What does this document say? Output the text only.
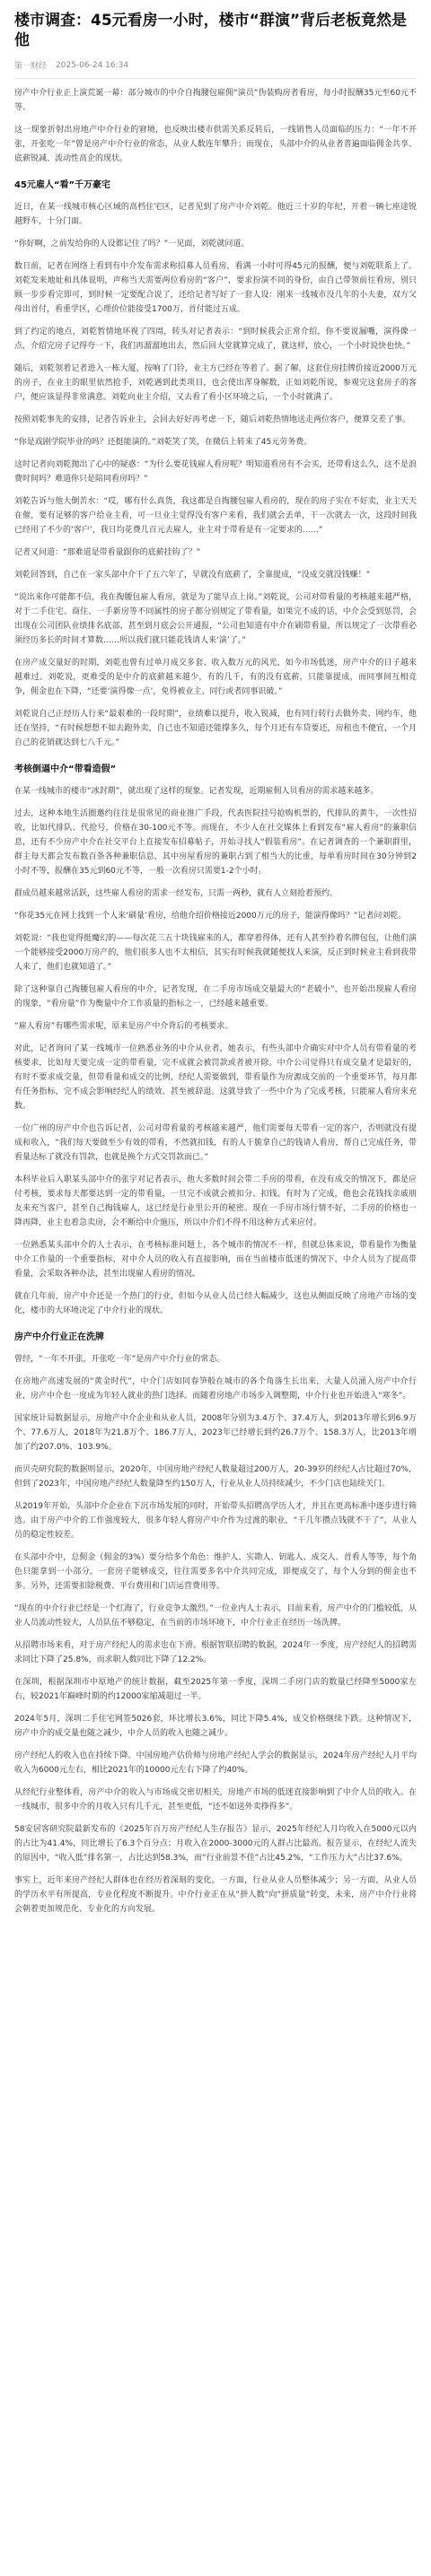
楼市调查：45元看房一小时，楼市“群演”背后老板竟然是他
第一财经 2025-06-24 16:34

房产中介行业正上演荒诞一幕：部分城市的中介自掏腰包雇佣“演员”伪装购房者看房，每小时报酬35元至60元不等。

这一现象折射出房地产中介行业的窘境，也反映出楼市供需关系反转后，一线销售人员面临的压力：“一年不开张，开张吃一年”曾是房产中介行业的常态，从业人数连年攀升；而现在，头部中介的从业者普遍面临佣金共享、底薪锐减、流动性高企的现状。

45元雇人“看”千万豪宅

近日，在某一线城市核心区域的高档住宅区，记者见到了房产中介刘乾。他近三十岁的年纪，开着一辆七座途锐越野车，十分门面。

“你好啊，之前发给你的人设都记住了吗？”一见面，刘乾就问道。

数日前，记者在网络上看到有中介发布需求称招募人员看房，看满一小时可得45元的报酬，便与刘乾联系上了。刘乾发来地址和具体说明，声称当天需要两位看房的“客户”，要求扮演不同的身份，由自己带领前往看房，别只顾一步步看完即可，到时候一定要配合说了，还给记者写好了一套人设：刚来一线城市没几年的小夫妻，双方父母出首付，看重学区，心理价位能接受1700万，首付能过五成。

到了约定的地点，刘乾暂情地环视了四周，转头对记者表示：“到时候我会正常介绍，你不要说漏嘴，演得像一点，介绍完房子记得夸一下，我们再溜溜地出去，然后回大堂就算完成了，就这样，放心，一个小时说快也快。”

随后，刘乾领着记者进入一栋大厦，按响了门铃，业主方已经在等着了。据了解，这套住房挂牌价接近2000万元的房子，在业主的眼里依然抢手，刘乾遇到此类项目，也会使出浑身解数，正如刘乾所说，参观完这套房子的客户，便应该显得非常满意。刘乾向业主介绍，又去看了看小区环境之后，一个小时就满了。

按照刘乾事先的安排，记者告诉业主，会回去好好再考虑一下，随后刘乾热情地送走两位客户，便算交差了事。

“你是戏剧学院毕业的吗？还挺能演的。”刘乾笑了笑，在微信上转来了45元劳务费。

这时记者向刘乾抛出了心中的疑惑：“为什么要花钱雇人看房呢？明知道看房有不会买，还带看这么久，这不是浪费时间吗？难道你只是陪同看房吗？”

刘乾告诉与他大倒苦水：“哎，哪有什么真货，我这都是自掏腰包雇人看房的，现在的房子实在不好卖，业主天天在催，要有足够的客户给业主看，可一旦业主觉得没有客户来看，我们就会丢单，干一次就去一次，这段时间我已经用了不少的‘客户’，我日均花费几百元去雇人，业主对于带看是有一定要求的……”

记者又问道：“那难道是带看量跟你的底薪挂钩了？”

刘乾回答到，自己在一家头部中介干了五六年了，早就没有底薪了，全靠提成，“没成交就没钱赚！”

“说出来你可能都不信，我在掏腰包雇人看房，就是为了能早点上岗。”刘乾说，公司对带看量的考核越来越严格，对于二手住宅、商住、一手新房等不同属性的房子都分别规定了带看量，如果完不成的话，中介会受到惩罚，会出现在公司团队业绩排名底部，甚至到月底会公开通报，“公司也知道有中介在刷带看量，所以规定了一次带看必须经历多长的时间才算数……所以我们就只能花钱请人来‘演’了。”

在房产成交量好的时期，刘乾也曾有过单月成交多套、收入数万元的风光，如今市场低迷，房产中介的日子越来越难过。刘乾说，更难受的是中介的底薪越来越少，有的几千，有的没有底薪，只能靠提成，而同事间互相竞争，佣金也在下降，“还要‘演得像一点’，免得被业主、同行或者同事识破。”

刘乾说自己正经历人行来“最艰难的一段时期”，业绩难以提升，收入锐减，也有同行转行去做外卖、网约车，他还在坚持，“有时候想想不如去跑外卖，自己也不知道还能撑多久，每个月还有车贷要还，房租也不便宜，一个月自己的花销就达到七八千元。”

考核倒逼中介“带看造假”

在某一线城市的楼市“冰封期”，就出现了这样的现象。记者发现，近期雇佣人员看房的需求越来越多。

过去，这种本地生活圈邀约往往是很常见的商业推广手段，代表医院挂号抢购机票的，代排队的黄牛，一次性招收，比如代排队、代抢号，价格在30-100元不等。而现在，不少人在社交媒体上看到发布“雇人看房”的兼职信息，还有不少房产中介在社交平台上直接发布招募帖子，开始寻找人“假装看房”。在记者调查的一个兼职群里，群主每天都会发布数百条各种兼职信息，其中房屋看房的兼职占到了相当大的比重，每单看房时间在30分钟到2小时不等，报酬在35元到60元不等，一般一次看房只需要1-2个小时。

群成员越来越常活跃，这些雇人看房的需求一经发布，只需一两秒，就有人立刻抢着预约。

“你花35元在网上找到一个人来‘刷量’看房，给他介绍价格接近2000万元的房子，能演得像吗？”记者问刘乾。

刘乾说：“我也觉得挺魔幻的——每次花三五十块钱雇来的人，都穿着得体，还有人甚至拎着名牌包包，让他们演一个能够接受2000万房产的，他们很多人也不太相信，其实有时候我就随便找人来演，反正到时候业主看到我带人来了，他们也就知道了。”

除了这种靠自己掏腰包雇人看房的中介，记者发现，在二手房市场成交量最大的“老破小”，也开始出现雇人看房的现象，“看房量”作为衡量中介工作质量的指标之一，已经越来越重要。

“雇人看房”有哪些需求呢，原来是房产中介背后的考核要求。

对此，记者询问了某一线城市一位熟悉业务的中介从业者，她表示，有些头部中介确实对中介人员有带看量的考核要求，比如每天要完成一定的带看量，完不成就会被罚款或者被开除。中介公司觉得只有成交量才是最好的，有时不要求成交量，但带看量和成交的比例，经纪人需要做到，带看量作为房源成交前的一个重要环节，每月都有任务指标，完不成会影响经纪人的绩效、甚至被辞退。这就导致了一些中介为了完成考核，只能雇人看房来充数。

一位广州的房产中介也告诉记者，公司对带看量的考核越来越严，他们需要每天带看一定的客户，否则就没有提成和收入，“我们每天要做至少有效的带看，不然就扣钱，有的人干脆拿自己的钱请人看房，帮自己完成任务，带看量达标了就没有罚款，也就是换个方式交罚款而已。”

本科毕业后入职某头部中介的张宇对记者表示，他大多数时间会带二手房的带看，在没有成交的情况下，都是应付考核，要求每天都要达到一定的带看量，一旦完不成就会被扣分、扣钱。有时为了完成，他也会花钱找亲戚朋友来充当客户，甚至自己掏钱雇人，这已经是行业里公开的秘密。现在一手房市场行情不好，二手房的价格也一降再降，业主也着急卖房，会不断给中介施压，所以中介们不得不用这种方式来应付。

一位熟悉某头部中介的人士表示，在考核标准问题上，各个城市的情况不一样，但就总体来说，带看量作为衡量中介工作量的一个重要指标，对中介人员的收入有直接影响，而在当前楼市低迷的情况下，中介人员为了提高带看量，会采取各种办法，甚至出现雇人看房的情况。

就在几年前，房产中介还是一个热门的行业，但如今从业人员已经大幅减少，这也从侧面反映了房地产市场的变化，楼市的大环境决定了中介行业的现状。

房产中介行业正在洗牌

曾经，“一年不开张，开张吃一年”是房产中介行业的常态。

在房地产高速发展的“黄金时代”，中介门店如同春笋般在城市的各个角落生长出来，大量人员涌入房产中介行业，房产中介也一度成为年轻人就业的热门选择。而随着房地产市场步入调整期，中介行业也开始进入“寒冬”。

国家统计局数据显示，房地产中介企业和从业人员，2008年分别为3.4万个、37.4万人，到2013年增长到6.9万个、77.6万人，2018年为21.8万个、186.7万人，2023年已经增长到约26.7万个、158.3万人，比2013年增加了约207.0%、103.9%。

而贝壳研究院的数据则显示，2020年，中国房地产经纪人数量超过200万人，20-39岁的经纪人占比超过70%，但到了2023年，中国房地产经纪人数量降至约150万人，行业从业人员持续减少，不少门店也陆续关门。

从2019年开始，头部中介企业在下沉市场发展的同时，开始带头招聘高学历人才，并且在更高标准中逐步进行筛选。由于房产中介的工作强度较大，很多年轻人将房产中介作为过渡的职业，“干几年攒点钱就不干了”，从业人员的稳定性较差。

在头部中介中，总佣金（佣金的3%）要分给多个角色：维护人、实勘人、钥匙人、成交人、首看人等等，每个角色只能拿到一小部分。一套房子能够成交，往往需要多名中介共同完成，即便成交了，每个人分到的佣金也不多。另外，还需要扣除税费、平台费用和门店运营费用等。

“现在的中介行业已经是一个红海了，行业竞争太激烈。”一位业内人士表示，目前来看，房产中介的门槛较低，从业人员流动性较大，人员队伍不够稳定，在当前的市场环境下，中介行业正在经历一场洗牌。

从招聘市场来看，对于房产经纪人的需求也在下滑。根据智联招聘的数据，2024年一季度，房产经纪人的招聘需求同比下降了25.8%，而求职人数同比下降了12.2%。

在深圳，根据深圳市中原地产的统计数据，截至2025年第一季度，深圳二手房门店的数量已经降至5000家左右，较2021年巅峰时期的约12000家缩减超过一半。

2024年5月，深圳二手住宅网签5026套，环比增长3.6%，同比下降5.4%，成交价格继续下跌。这种情况下，房产中介的成交量也随之减少，中介人员的收入也随之减少。

房产经纪人的收入也在持续下降。中国房地产估价师与房地产经纪人学会的数据显示，2024年房产经纪人月平均收入为6000元左右，相比2021年的10000元左右下降了约40%。

从经纪行业整体看，房产中介的收入与市场成交密切相关，房地产市场的低迷直接影响到了中介人员的收入。在一线城市，很多中介的月收入只有几千元，甚至更低，“还不如送外卖挣得多”。

58安居客研究院最新发布的《2025年百万房产经纪人生存报告》显示，2025年经纪人月均收入在5000元以内的占比为41.4%，同比增长了6.3个百分点；月收入在2000-3000元的人群占比最高。报告显示，在经纪人流失的原因中，“收入低”排名第一，占比达到58.3%，而“行业前景不佳”占比45.2%，“工作压力大”占比37.6%。

事实上，近年来房产经纪人群体也在经历着深刻的变化。一方面，行业从业人员整体减少；另一方面，从业人员的学历水平有所提高，专业化程度不断提升。中介行业正在从“拼人数”向“拼质量”转变，未来，房产中介行业将会朝着更加规范化、专业化的方向发展。
